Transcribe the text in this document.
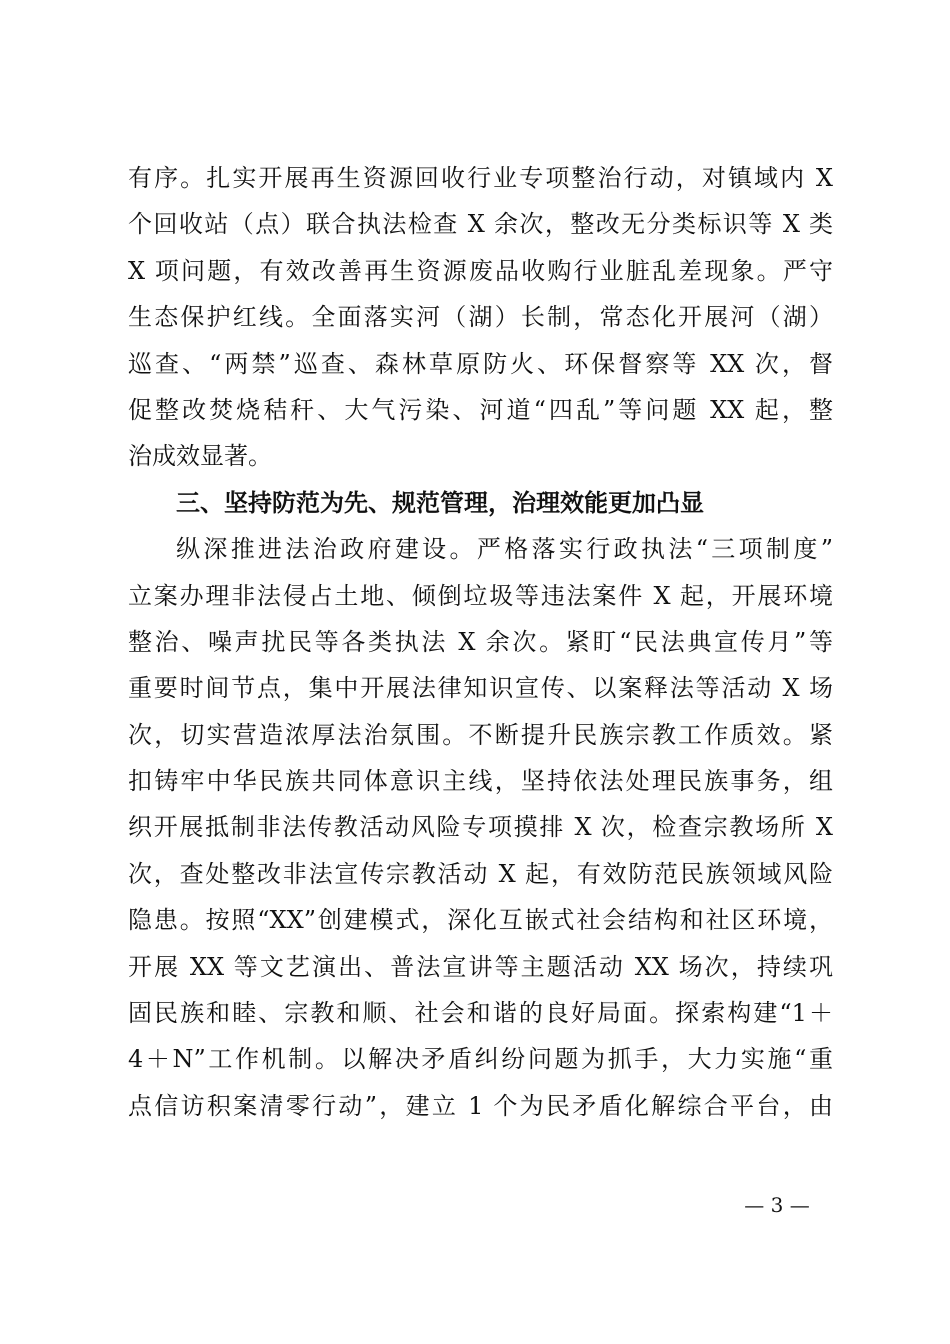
有序。扎实开展再生资源回收行业专项整治行动，对镇域内 X
个回收站（点）联合执法检查 X 余次，整改无分类标识等 X 类
X 项问题，有效改善再生资源废品收购行业脏乱差现象。严守
生态保护红线。全面落实河（湖）长制，常态化开展河（湖）
巡查、“两禁”巡查、森林草原防火、环保督察等 XX 次，督
促整改焚烧秸秆、大气污染、河道“四乱”等问题 XX 起，整
治成效显著。
三、坚持防范为先、规范管理，治理效能更加凸显
纵深推进法治政府建设。严格落实行政执法“三项制度”
立案办理非法侵占土地、倾倒垃圾等违法案件 X 起，开展环境
整治、噪声扰民等各类执法 X 余次。紧盯“民法典宣传月”等
重要时间节点，集中开展法律知识宣传、以案释法等活动 X 场
次，切实营造浓厚法治氛围。不断提升民族宗教工作质效。紧
扣铸牢中华民族共同体意识主线，坚持依法处理民族事务，组
织开展抵制非法传教活动风险专项摸排 X 次，检查宗教场所 X
次，查处整改非法宣传宗教活动 X 起，有效防范民族领域风险
隐患。按照“XX”创建模式，深化互嵌式社会结构和社区环境，
开展 XX 等文艺演出、普法宣讲等主题活动 XX 场次，持续巩
固民族和睦、宗教和顺、社会和谐的良好局面。探索构建“1＋
4＋N”工作机制。以解决矛盾纠纷问题为抓手，大力实施“重
点信访积案清零行动”，建立 1 个为民矛盾化解综合平台，由
— 3 —
